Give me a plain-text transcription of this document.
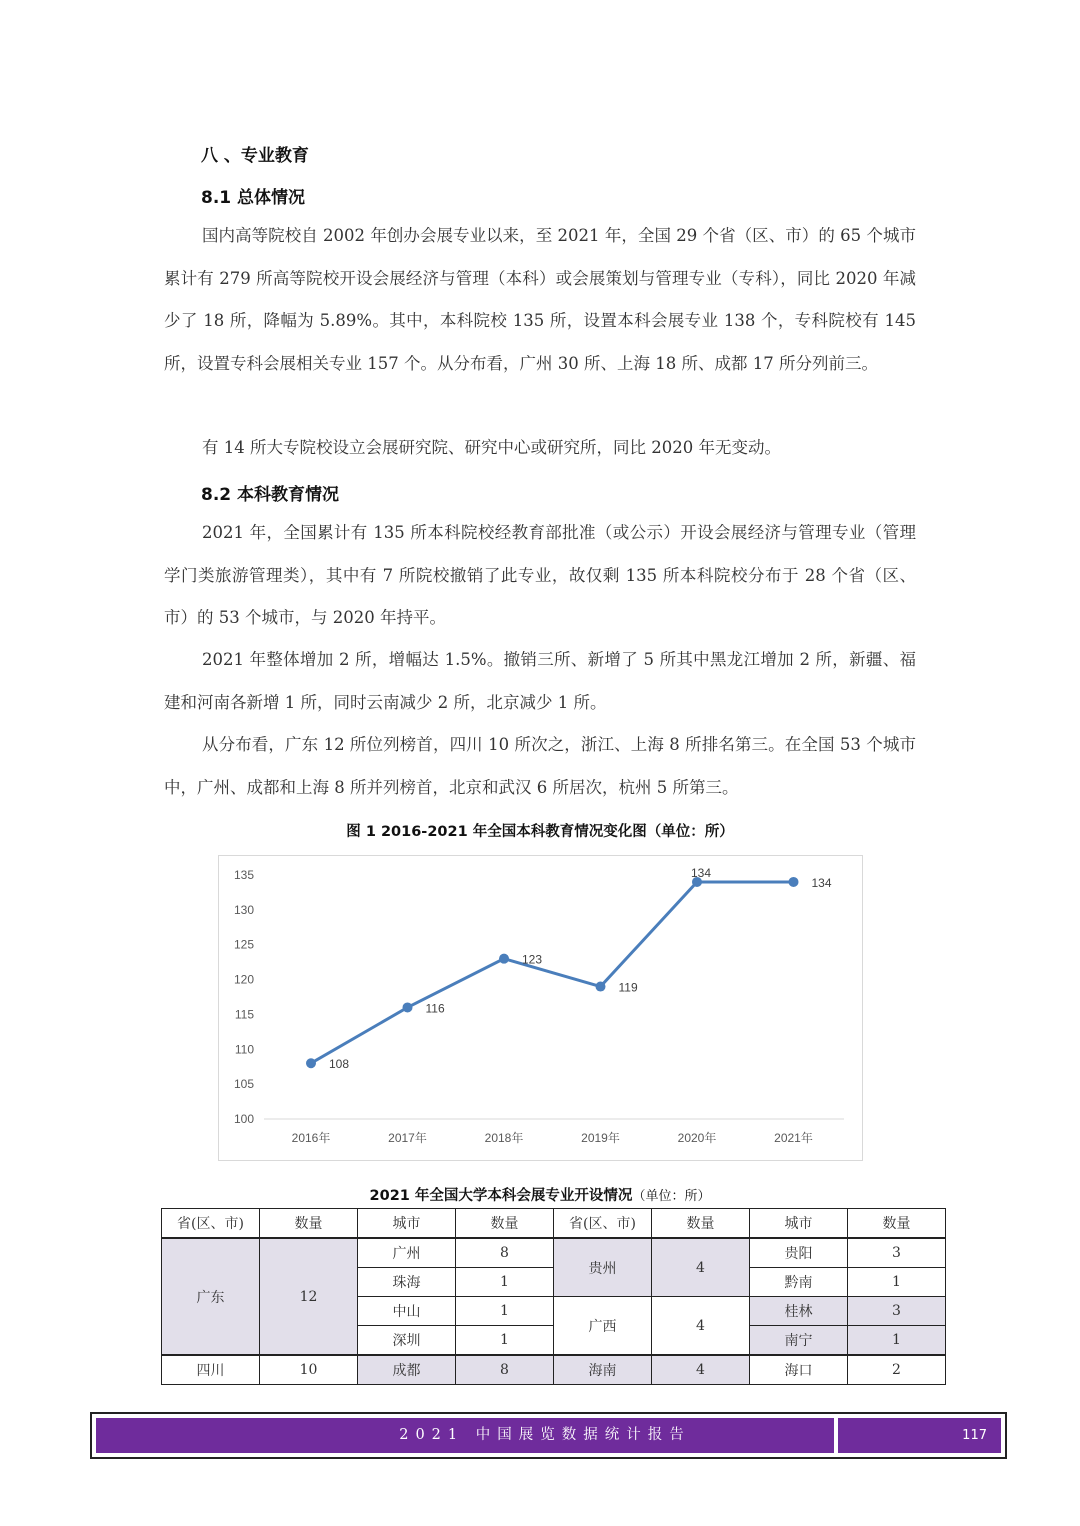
八 、专业教育
8.1 总体情况
国内高等院校自 2002 年创办会展专业以来，至 2021 年，全国 29 个省（区、市）的 65 个城市累计有 279 所高等院校开设会展经济与管理（本科）或会展策划与管理专业（专科），同比 2020 年减少了 18 所，降幅为 5.89%。其中，本科院校 135 所，设置本科会展专业 138 个，专科院校有 145 所，设置专科会展相关专业 157 个。从分布看，广州 30 所、上海 18 所、成都 17 所分列前三。
有 14 所大专院校设立会展研究院、研究中心或研究所，同比 2020 年无变动。
8.2 本科教育情况
2021 年，全国累计有 135 所本科院校经教育部批准（或公示）开设会展经济与管理专业（管理学门类旅游管理类），其中有 7 所院校撤销了此专业，故仅剩 135 所本科院校分布于 28 个省（区、市）的 53 个城市，与 2020 年持平。
2021 年整体增加 2 所，增幅达 1.5%。撤销三所、新增了 5 所其中黑龙江增加 2 所，新疆、福建和河南各新增 1 所，同时云南减少 2 所，北京减少 1 所。
从分布看，广东 12 所位列榜首，四川 10 所次之，浙江、上海 8 所排名第三。在全国 53 个城市中，广州、成都和上海 8 所并列榜首，北京和武汉 6 所居次，杭州 5 所第三。
图 1 2016-2021 年全国本科教育情况变化图（单位：所）
100
105
110
115
120
125
130
135
2016年	2017年	2018年	2019年	2020年	2021年
108
116
123
119
134
134
2021 年全国大学本科会展专业开设情况（单位：所）
省(区、市)	数量	城市	数量	省(区、市)	数量	城市	数量
广东	12	广州	8	贵州	4	贵阳	3
		珠海	1			黔南	1
		中山	1	广西	4	桂林	3
		深圳	1			南宁	1
四川	10	成都	8	海南	4	海口	2
2021 中国展览数据统计报告	117
